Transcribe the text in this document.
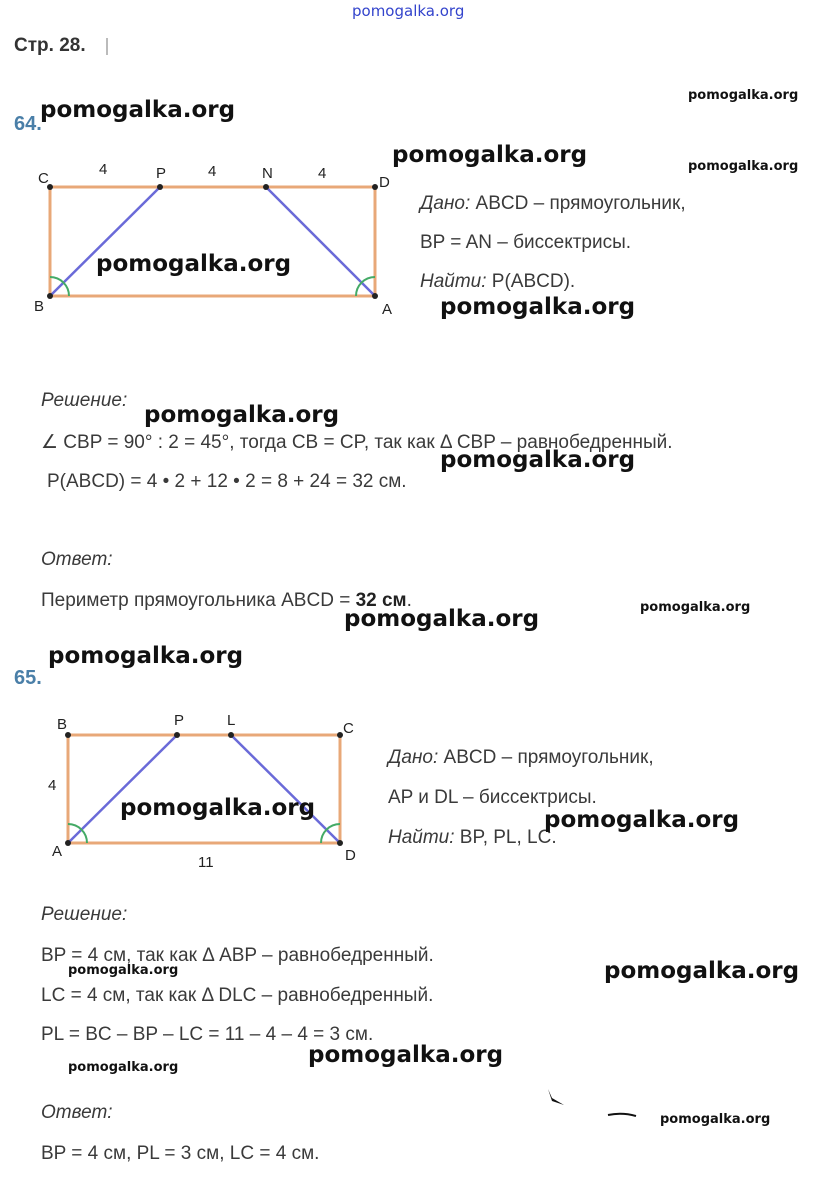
pomogalka.org
Стр. 28.
64.
C	P	N
D
B	A
4	4	4
Дано: ABCD – прямоугольник,
BP = AN – биссектрисы.
Найти: P(ABCD).
Решение:
∠ CBP = 90° : 2 = 45°, тогда CB = CP, так как Δ CBP – равнобедренный.
P(ABCD) = 4 • 2 + 12 • 2 = 8 + 24 = 32 см.
Ответ:
Периметр прямоугольника ABCD = 32 см.
65.
B	P	L	C
A	D
4
11
Дано: ABCD – прямоугольник,
AP и DL – биссектрисы.
Найти: BP, PL, LC.
Решение:
BP = 4 см, так как Δ ABP – равнобедренный.
LC = 4 см, так как Δ DLC – равнобедренный.
PL = BC – BP – LC = 11 – 4 – 4 = 3 см.
Ответ:
BP = 4 см, PL = 3 см, LC = 4 см.
pomogalka.org
pomogalka.org
pomogalka.org	pomogalka.org
pomogalka.org
pomogalka.org
pomogalka.org
pomogalka.org
pomogalka.org
pomogalka.org
pomogalka.org
pomogalka.org	pomogalka.org
pomogalka.org
pomogalka.org
pomogalka.org
pomogalka.org
pomogalka.org
